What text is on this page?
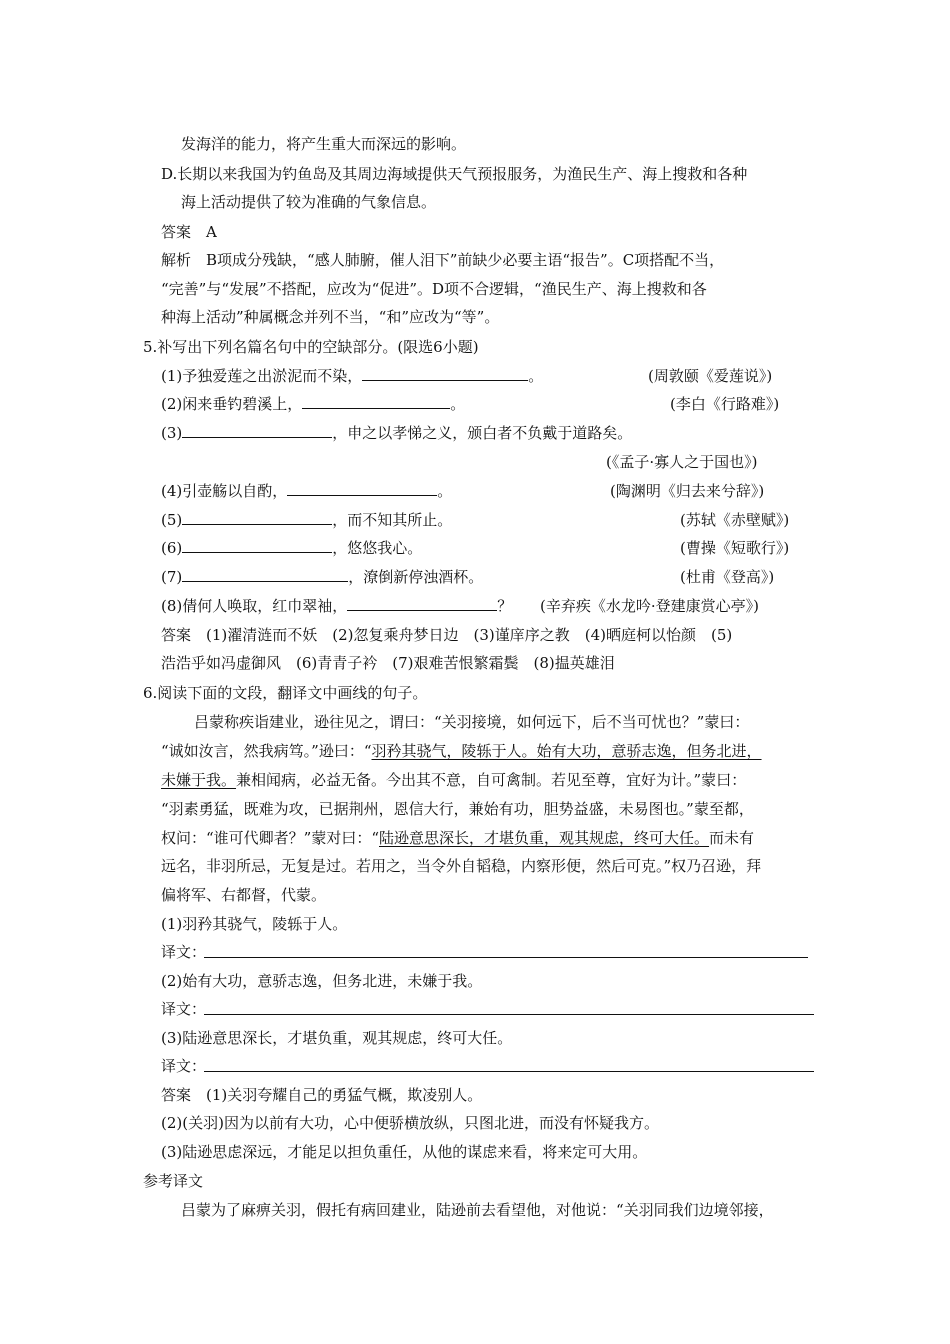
发海洋的能力，将产生重大而深远的影响。
D.长期以来我国为钓鱼岛及其周边海域提供天气预报服务，为渔民生产、海上搜救和各种
海上活动提供了较为准确的气象信息。
答案　A
解析　B项成分残缺，“感人肺腑，催人泪下”前缺少必要主语“报告”。C项搭配不当，
“完善”与“发展”不搭配，应改为“促进”。D项不合逻辑，“渔民生产、海上搜救和各
种海上活动”种属概念并列不当，“和”应改为“等”。
5.补写出下列名篇名句中的空缺部分。(限选6小题)
(1)予独爱莲之出淤泥而不染，	。	(周敦颐《爱莲说》)
(2)闲来垂钓碧溪上，	。	(李白《行路难》)
(3)	，申之以孝悌之义，颁白者不负戴于道路矣。
(《孟子·寡人之于国也》)
(4)引壶觞以自酌，	。	(陶渊明《归去来兮辞》)
(5)	，而不知其所止。	(苏轼《赤壁赋》)
(6)	，悠悠我心。	(曹操《短歌行》)
(7)	，潦倒新停浊酒杯。	(杜甫《登高》)
(8)倩何人唤取，红巾翠袖，	？ (辛弃疾《水龙吟·登建康赏心亭》)
答案　(1)濯清涟而不妖　(2)忽复乘舟梦日边　(3)谨庠序之教　(4)晒庭柯以怡颜　(5)
浩浩乎如冯虚御风　(6)青青子衿　(7)艰难苦恨繁霜鬓　(8)揾英雄泪
6.阅读下面的文段，翻译文中画线的句子。
吕蒙称疾诣建业，逊往见之，谓曰：“关羽接境，如何远下，后不当可忧也？”蒙曰：
“诚如汝言，然我病笃。”逊曰：“羽矜其骁气，陵轹于人。始有大功，意骄志逸，但务北进，
未嫌于我。兼相闻病，必益无备。今出其不意，自可禽制。若见至尊，宜好为计。”蒙曰：
“羽素勇猛，既难为攻，已据荆州，恩信大行，兼始有功，胆势益盛，未易图也。”蒙至都，
权问：“谁可代卿者？”蒙对曰：“陆逊意思深长，才堪负重，观其规虑，终可大任。而未有
远名，非羽所忌，无复是过。若用之，当令外自韬稳，内察形便，然后可克。”权乃召逊，拜
偏将军、右都督，代蒙。
(1)羽矜其骁气，陵轹于人。
译文：
(2)始有大功，意骄志逸，但务北进，未嫌于我。
译文：
(3)陆逊意思深长，才堪负重，观其规虑，终可大任。
译文：
答案　(1)关羽夸耀自己的勇猛气概，欺凌别人。
(2)(关羽)因为以前有大功，心中便骄横放纵，只图北进，而没有怀疑我方。
(3)陆逊思虑深远，才能足以担负重任，从他的谋虑来看，将来定可大用。
参考译文
吕蒙为了麻痹关羽，假托有病回建业，陆逊前去看望他，对他说：“关羽同我们边境邻接，
